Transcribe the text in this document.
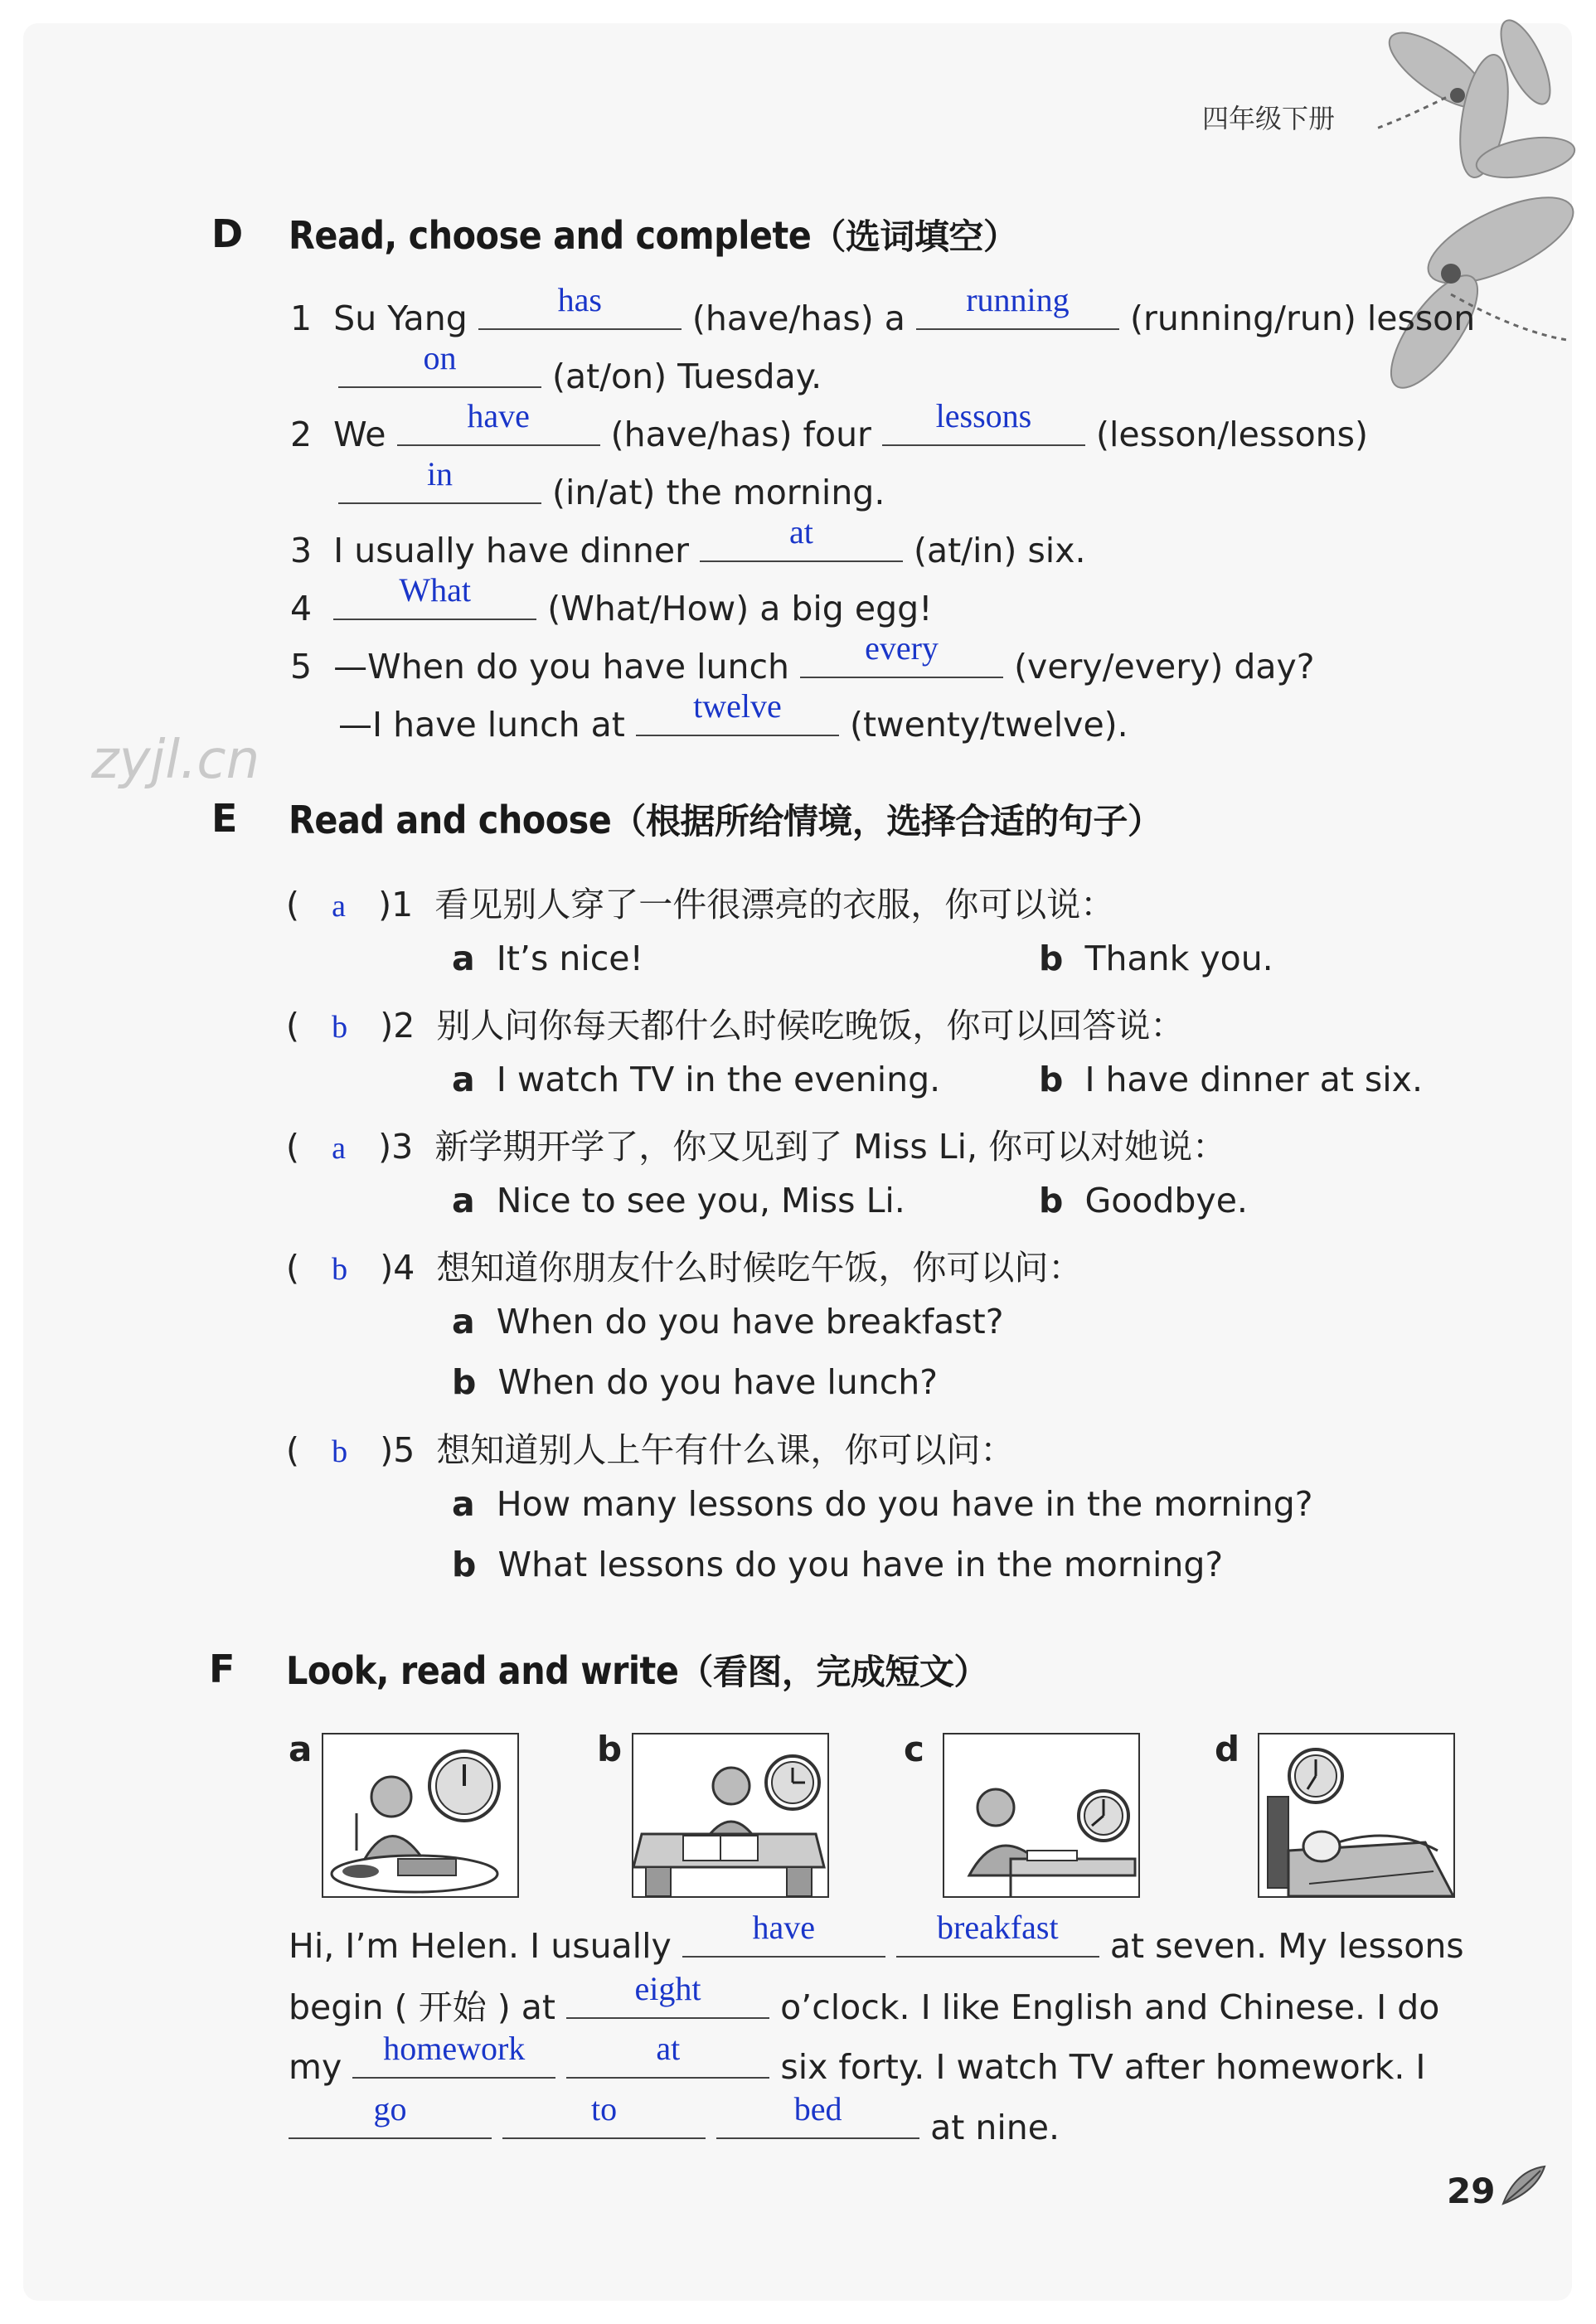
四年级下册
zyjl.cn
D Read, choose and complete（选词填空）
1 Su Yang	has	(have/has) a	running	(running/run) lesson
on	(at/on) Tuesday.
2 We	have	(have/has) four	lessons	(lesson/lessons)
in	(in/at) the morning.
3 I usually have dinner	at	(at/in) six.
4	What	(What/How) a big egg!
5 —When do you have lunch	every	(very/every) day?
—I have lunch at	twelve	(twenty/twelve).
E Read and choose（根据所给情境，选择合适的句子）
(   a   )1 看见别人穿了一件很漂亮的衣服，你可以说：
a It’s nice!	b Thank you.
(   b   )2 别人问你每天都什么时候吃晚饭，你可以回答说：
a I watch TV in the evening.	b I have dinner at six.
(   a   )3 新学期开学了，你又见到了 Miss Li, 你可以对她说：
a Nice to see you, Miss Li.	b Goodbye.
(   b   )4 想知道你朋友什么时候吃午饭，你可以问：
a When do you have breakfast?
b When do you have lunch?
(   b   )5 想知道别人上午有什么课，你可以问：
a How many lessons do you have in the morning?
b What lessons do you have in the morning?
F Look, read and write（看图，完成短文）
a	b	c	d
Hi, I’m Helen. I usually	have
	breakfast	at seven. My lessons
begin ( 开始 ) at	eight	o’clock. I like English and Chinese. I do
my	homework
	at	six forty. I watch TV after homework. I
go
	to
	bed	at nine.
29
